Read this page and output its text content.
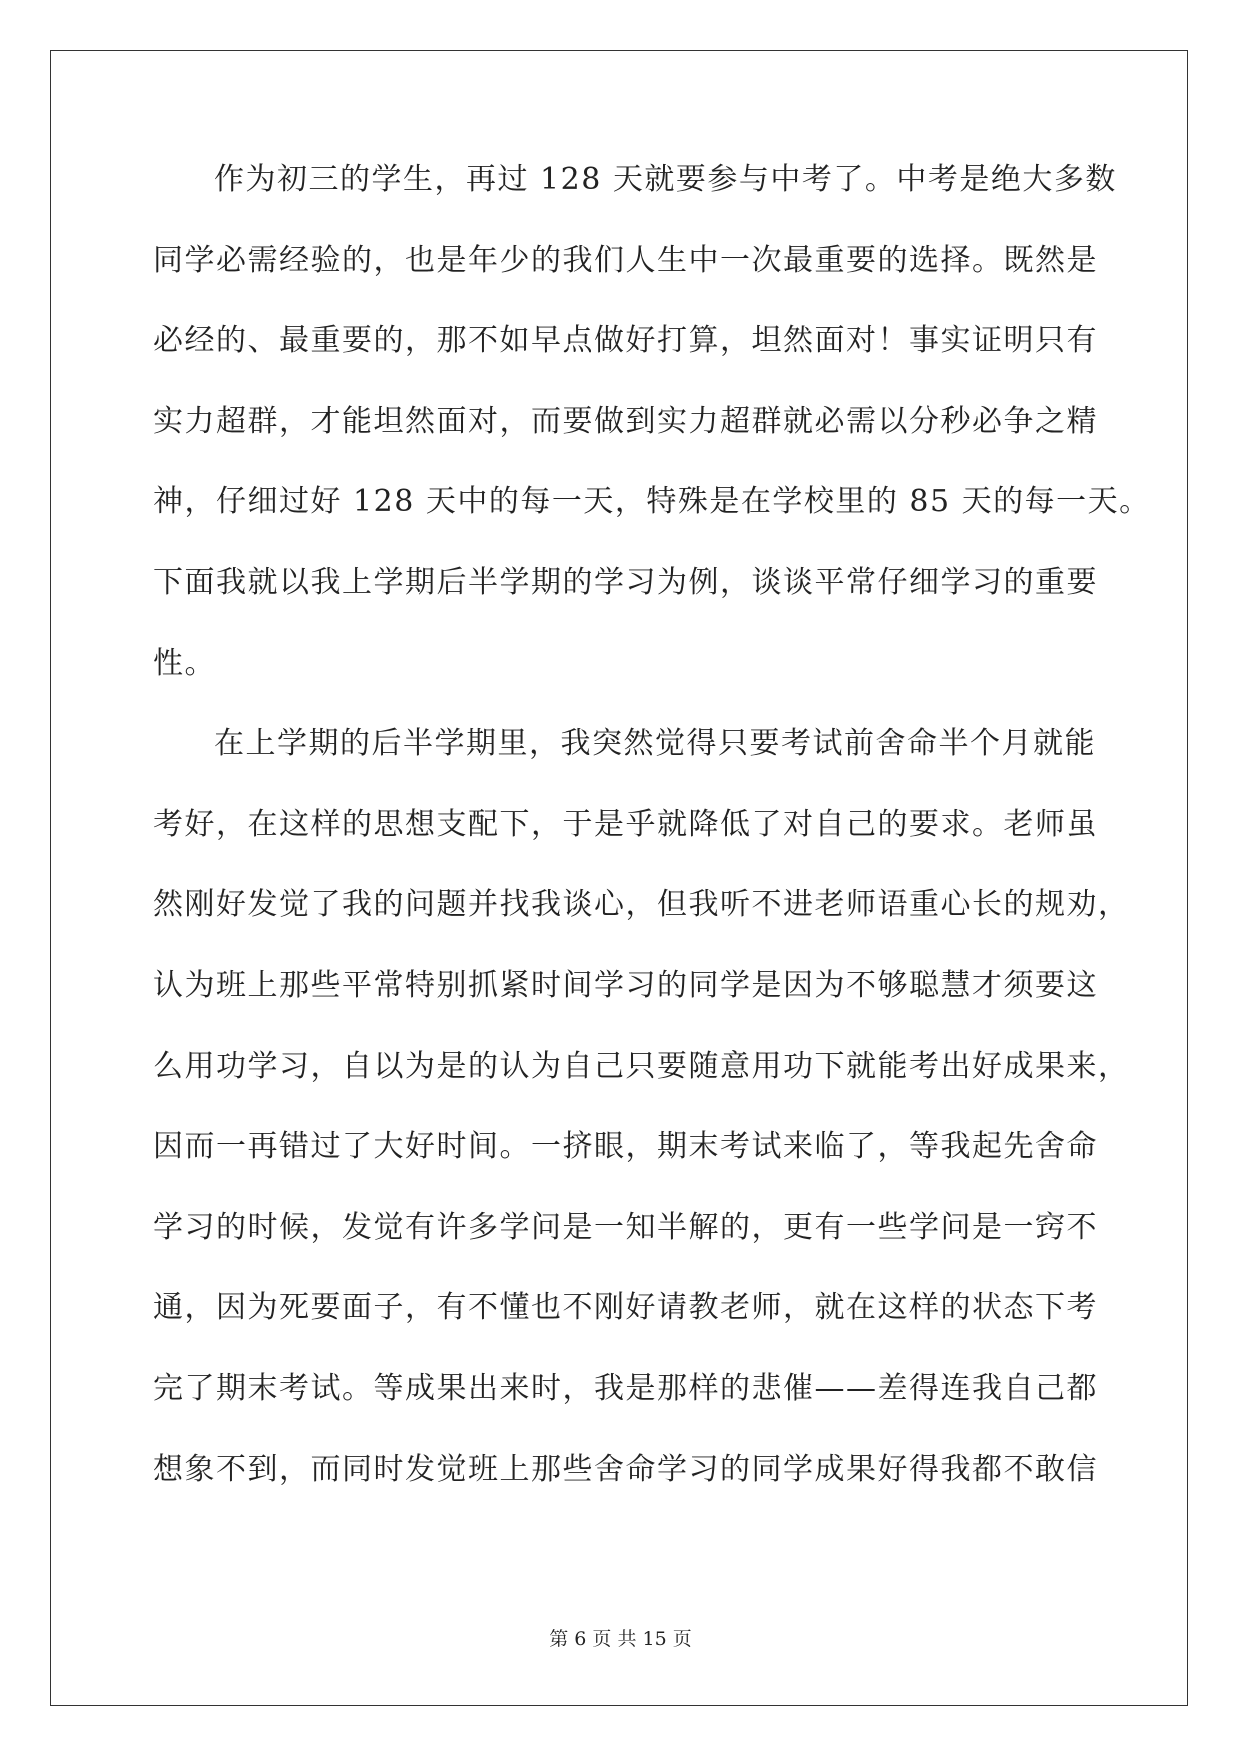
作为初三的学生，再过 128 天就要参与中考了。中考是绝大多数
同学必需经验的，也是年少的我们人生中一次最重要的选择。既然是
必经的、最重要的，那不如早点做好打算，坦然面对！事实证明只有
实力超群，才能坦然面对，而要做到实力超群就必需以分秒必争之精
神，仔细过好 128 天中的每一天，特殊是在学校里的 85 天的每一天。
下面我就以我上学期后半学期的学习为例，谈谈平常仔细学习的重要
性。
在上学期的后半学期里，我突然觉得只要考试前舍命半个月就能
考好，在这样的思想支配下，于是乎就降低了对自己的要求。老师虽
然刚好发觉了我的问题并找我谈心，但我听不进老师语重心长的规劝，
认为班上那些平常特别抓紧时间学习的同学是因为不够聪慧才须要这
么用功学习，自以为是的认为自己只要随意用功下就能考出好成果来，
因而一再错过了大好时间。一挤眼，期末考试来临了，等我起先舍命
学习的时候，发觉有许多学问是一知半解的，更有一些学问是一窍不
通，因为死要面子，有不懂也不刚好请教老师，就在这样的状态下考
完了期末考试。等成果出来时，我是那样的悲催——差得连我自己都
想象不到，而同时发觉班上那些舍命学习的同学成果好得我都不敢信
第 6 页 共 15 页
